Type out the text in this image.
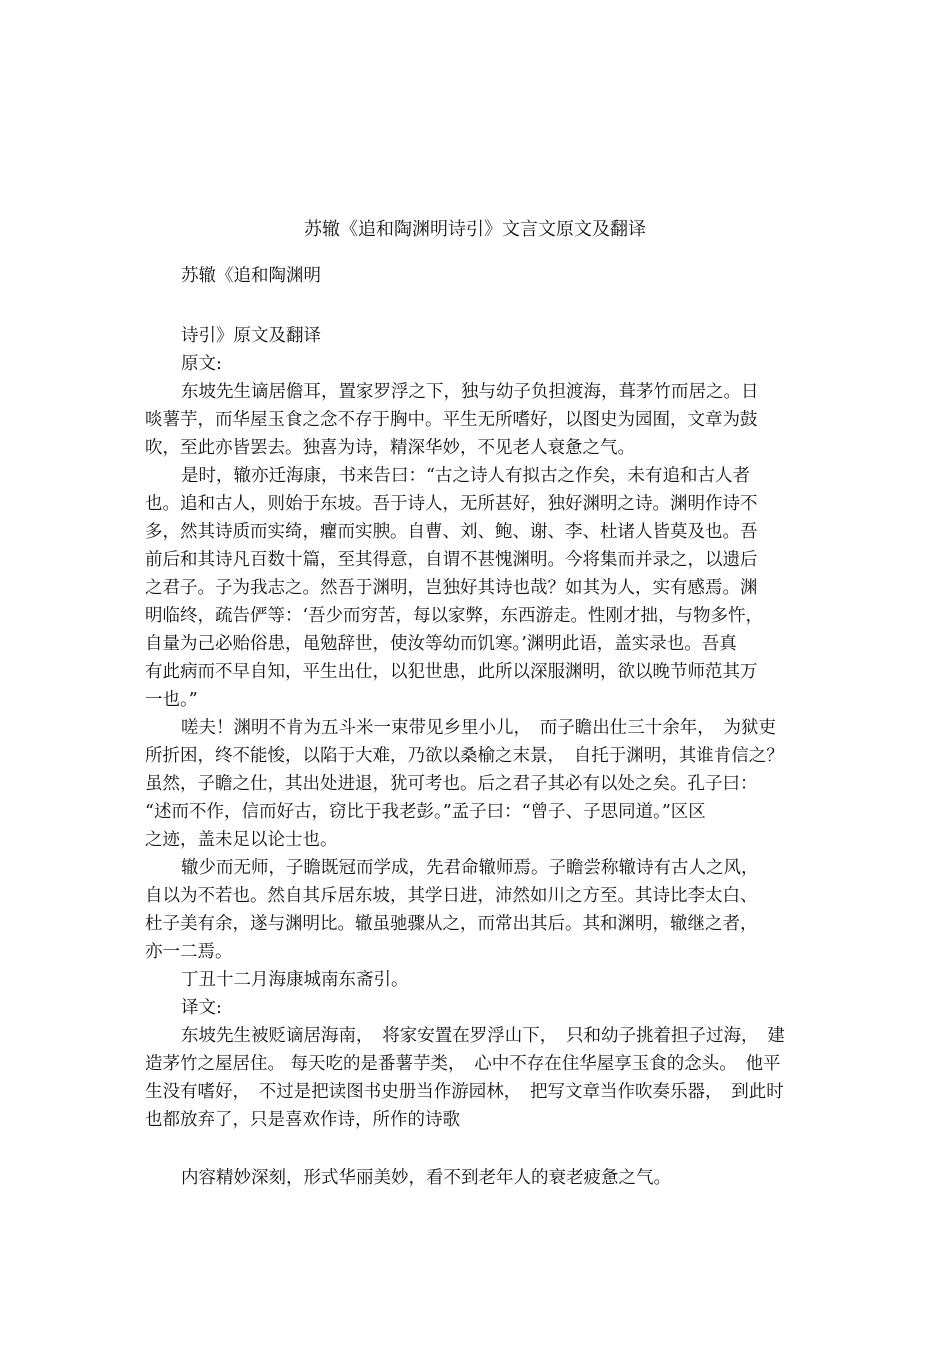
苏辙《追和陶渊明诗引》文言文原文及翻译
苏辙《追和陶渊明
诗引》原文及翻译
原文:
东坡先生谪居儋耳，置家罗浮之下，独与幼子负担渡海，葺茅竹而居之。日
啖薯芋，而华屋玉食之念不存于胸中。平生无所嗜好，以图史为园囿，文章为鼓
吹，至此亦皆罢去。独喜为诗，精深华妙，不见老人衰惫之气。
是时，辙亦迁海康，书来告曰：“古之诗人有拟古之作矣，未有追和古人者
也。追和古人，则始于东坡。吾于诗人，无所甚好，独好渊明之诗。渊明作诗不
多，然其诗质而实绮，癯而实腴。自曹、刘、鲍、谢、李、杜诸人皆莫及也。吾
前后和其诗凡百数十篇，至其得意，自谓不甚愧渊明。今将集而并录之，以遗后
之君子。子为我志之。然吾于渊明，岂独好其诗也哉？如其为人，实有感焉。渊
明临终，疏告俨等：‘吾少而穷苦，每以家弊，东西游走。性刚才拙，与物多忤，
自量为己必贻俗患，黾勉辞世，使汝等幼而饥寒。’渊明此语，盖实录也。吾真
有此病而不早自知，平生出仕，以犯世患，此所以深服渊明，欲以晚节师范其万
一也。”
嗟夫！渊明不肯为五斗米一束带见乡里小儿，　而子瞻出仕三十余年，　为狱吏
所折困，终不能悛，以陷于大难，乃欲以桑榆之末景，　自托于渊明，其谁肯信之？
虽然，子瞻之仕，其出处进退，犹可考也。后之君子其必有以处之矣。孔子曰：
“述而不作，信而好古，窃比于我老彭。”孟子曰：“曾子、子思同道。”区区
之迹，盖未足以论士也。
辙少而无师，子瞻既冠而学成，先君命辙师焉。子瞻尝称辙诗有古人之风，
自以为不若也。然自其斥居东坡，其学日进，沛然如川之方至。其诗比李太白、
杜子美有余，遂与渊明比。辙虽驰骤从之，而常出其后。其和渊明，辙继之者，
亦一二焉。
丁丑十二月海康城南东斋引。
译文:
东坡先生被贬谪居海南，　将家安置在罗浮山下，　只和幼子挑着担子过海，　建
造茅竹之屋居住。 每天吃的是番薯芋类，　心中不存在住华屋享玉食的念头。　他平
生没有嗜好，　不过是把读图书史册当作游园林，　把写文章当作吹奏乐器，　到此时
也都放弃了，只是喜欢作诗，所作的诗歌
内容精妙深刻，形式华丽美妙，看不到老年人的衰老疲惫之气。
